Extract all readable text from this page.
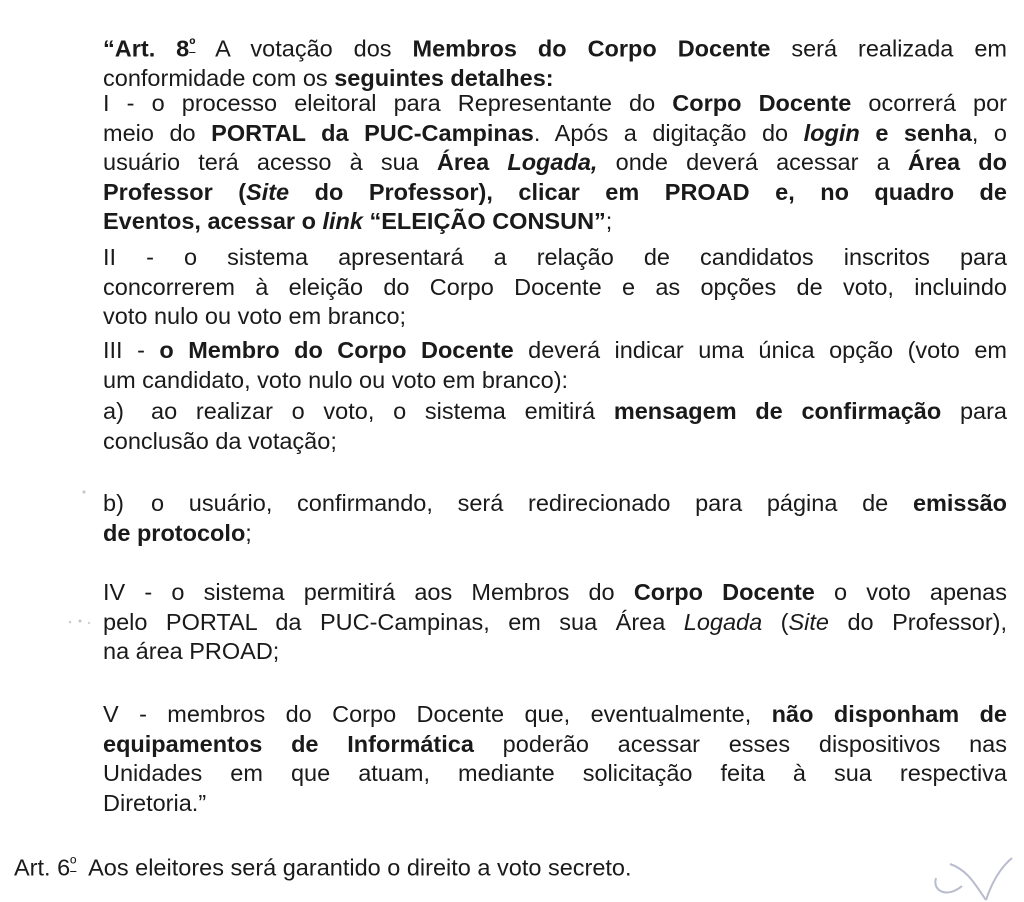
“Art. $8^º$ A votação dos Membros do Corpo Docente será realizada em
conformidade com os seguintes detalhes:
I - o processo eleitoral para Representante do Corpo Docente ocorrerá por
meio do PORTAL da PUC-Campinas. Após a digitação do login e senha, o
usuário terá acesso à sua Área Logada, onde deverá acessar a Área do
Professor (Site do Professor), clicar em PROAD e, no quadro de
Eventos, acessar o link “ELEIÇÃO CONSUN”;
II - o sistema apresentará a relação de candidatos inscritos para
concorrerem à eleição do Corpo Docente e as opções de voto, incluindo
voto nulo ou voto em branco;
III - o Membro do Corpo Docente deverá indicar uma única opção (voto em
um candidato, voto nulo ou voto em branco):
a) ao realizar o voto, o sistema emitirá mensagem de confirmação para
conclusão da votação;
b) o usuário, confirmando, será redirecionado para página de emissão
de protocolo;
IV - o sistema permitirá aos Membros do Corpo Docente o voto apenas
pelo PORTAL da PUC-Campinas, em sua Área Logada (Site do Professor),
na área PROAD;
V - membros do Corpo Docente que, eventualmente, não disponham de
equipamentos de Informática poderão acessar esses dispositivos nas
Unidades em que atuam, mediante solicitação feita à sua respectiva
Diretoria.”
Art. $6^º$  Aos eleitores será garantido o direito a voto secreto.
